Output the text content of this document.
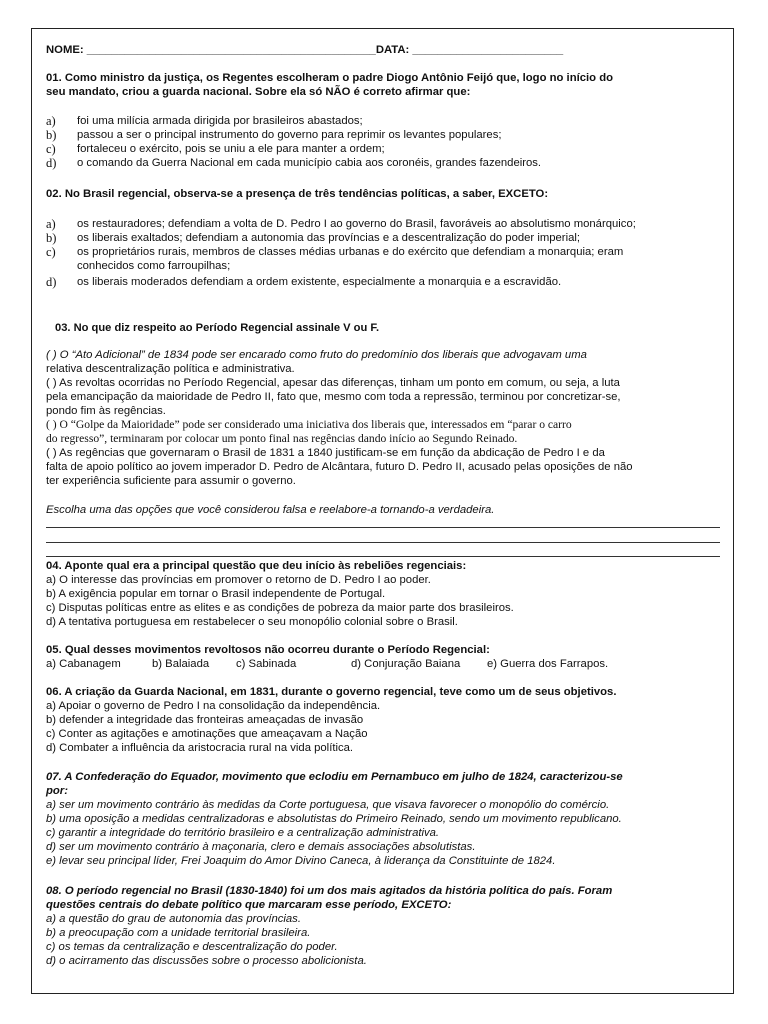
NOME: ______________________________________________DATA: ________________________
01. Como ministro da justiça, os Regentes escolheram o padre Diogo Antônio Feijó que, logo no início do
seu mandato, criou a guarda nacional. Sobre ela só NÃO é correto afirmar que:
a) foi uma milícia armada dirigida por brasileiros abastados;
b) passou a ser o principal instrumento do governo para reprimir os levantes populares;
c) fortaleceu o exército, pois se uniu a ele para manter a ordem;
d) o comando da Guerra Nacional em cada município cabia aos coronéis, grandes fazendeiros.
02. No Brasil regencial, observa-se a presença de três tendências políticas, a saber, EXCETO:
a) os restauradores; defendiam a volta de D. Pedro I ao governo do Brasil, favoráveis ao absolutismo monárquico;
b) os liberais exaltados; defendiam a autonomia das províncias e a descentralização do poder imperial;
c) os proprietários rurais, membros de classes médias urbanas e do exército que defendiam a monarquia; eram
conhecidos como farroupilhas;
d) os liberais moderados defendiam a ordem existente, especialmente a monarquia e a escravidão.
03. No que diz respeito ao Período Regencial assinale V ou F.
( ) O “Ato Adicional” de 1834 pode ser encarado como fruto do predomínio dos liberais que advogavam uma
relativa descentralização política e administrativa.
( ) As revoltas ocorridas no Período Regencial, apesar das diferenças, tinham um ponto em comum, ou seja, a luta
pela emancipação da maioridade de Pedro II, fato que, mesmo com toda a repressão, terminou por concretizar-se,
pondo fim às regências.
( ) O “Golpe da Maioridade” pode ser considerado uma iniciativa dos liberais que, interessados em “parar o carro
do regresso”, terminaram por colocar um ponto final nas regências dando início ao Segundo Reinado.
( ) As regências que governaram o Brasil de 1831 a 1840 justificam-se em função da abdicação de Pedro I e da
falta de apoio político ao jovem imperador D. Pedro de Alcântara, futuro D. Pedro II, acusado pelas oposições de não
ter experiência suficiente para assumir o governo.
Escolha uma das opções que você considerou falsa e reelabore-a tornando-a verdadeira.
04. Aponte qual era a principal questão que deu início às rebeliões regenciais:
a) O interesse das províncias em promover o retorno de D. Pedro I ao poder.
b) A exigência popular em tornar o Brasil independente de Portugal.
c) Disputas políticas entre as elites e as condições de pobreza da maior parte dos brasileiros.
d) A tentativa portuguesa em restabelecer o seu monopólio colonial sobre o Brasil.
05. Qual desses movimentos revoltosos não ocorreu durante o Período Regencial:
a) Cabanagem	b) Balaiada c) Sabinada	d) Conjuração Baiana e) Guerra dos Farrapos.
06. A criação da Guarda Nacional, em 1831, durante o governo regencial, teve como um de seus objetivos.
a) Apoiar o governo de Pedro I na consolidação da independência.
b) defender a integridade das fronteiras ameaçadas de invasão
c) Conter as agitações e amotinações que ameaçavam a Nação
d) Combater a influência da aristocracia rural na vida política.
07. A Confederação do Equador, movimento que eclodiu em Pernambuco em julho de 1824, caracterizou-se
por:
a) ser um movimento contrário às medidas da Corte portuguesa, que visava favorecer o monopólio do comércio.
b) uma oposição a medidas centralizadoras e absolutistas do Primeiro Reinado, sendo um movimento republicano.
c) garantir a integridade do território brasileiro e a centralização administrativa.
d) ser um movimento contrário à maçonaria, clero e demais associações absolutistas.
e) levar seu principal líder, Frei Joaquim do Amor Divino Caneca, à liderança da Constituinte de 1824.
08. O período regencial no Brasil (1830-1840) foi um dos mais agitados da história política do país. Foram
questões centrais do debate político que marcaram esse período, EXCETO:
a) a questão do grau de autonomia das províncias.
b) a preocupação com a unidade territorial brasileira.
c) os temas da centralização e descentralização do poder.
d) o acirramento das discussões sobre o processo abolicionista.
